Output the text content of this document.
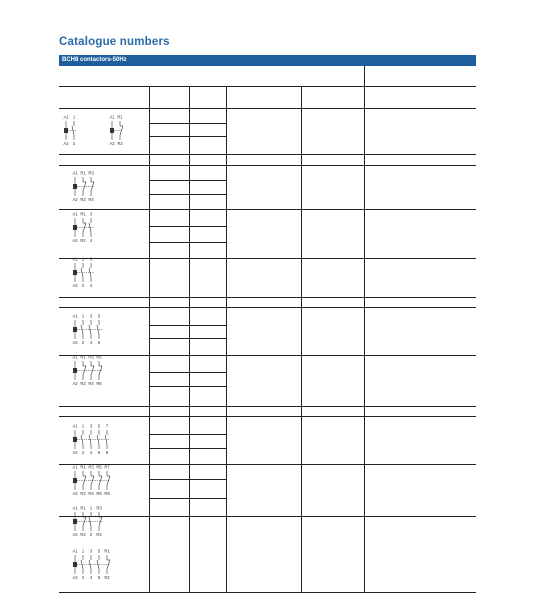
Catalogue numbers
BCH8 contactors-50Hz
A1
A2
1
2
A1
A2
R1
R2
A1
A2
R1
R2
R3
R4
A1
A2
R1
R2
3
4
A1
A2
1
2
3
4
A1
A2
1
2
3
4
5
6
A1
A2
R1
R2
R3
R4
R5
R6
A1
A2
1
2
3
4
5
6
7
8
A1
A2
R1
R2
R3
R4
R5
R6
R7
R8
A1
A2
R1
R2
1
2
R3
R4
A1
A2
1
2
3
4
5
6
R1
R2
